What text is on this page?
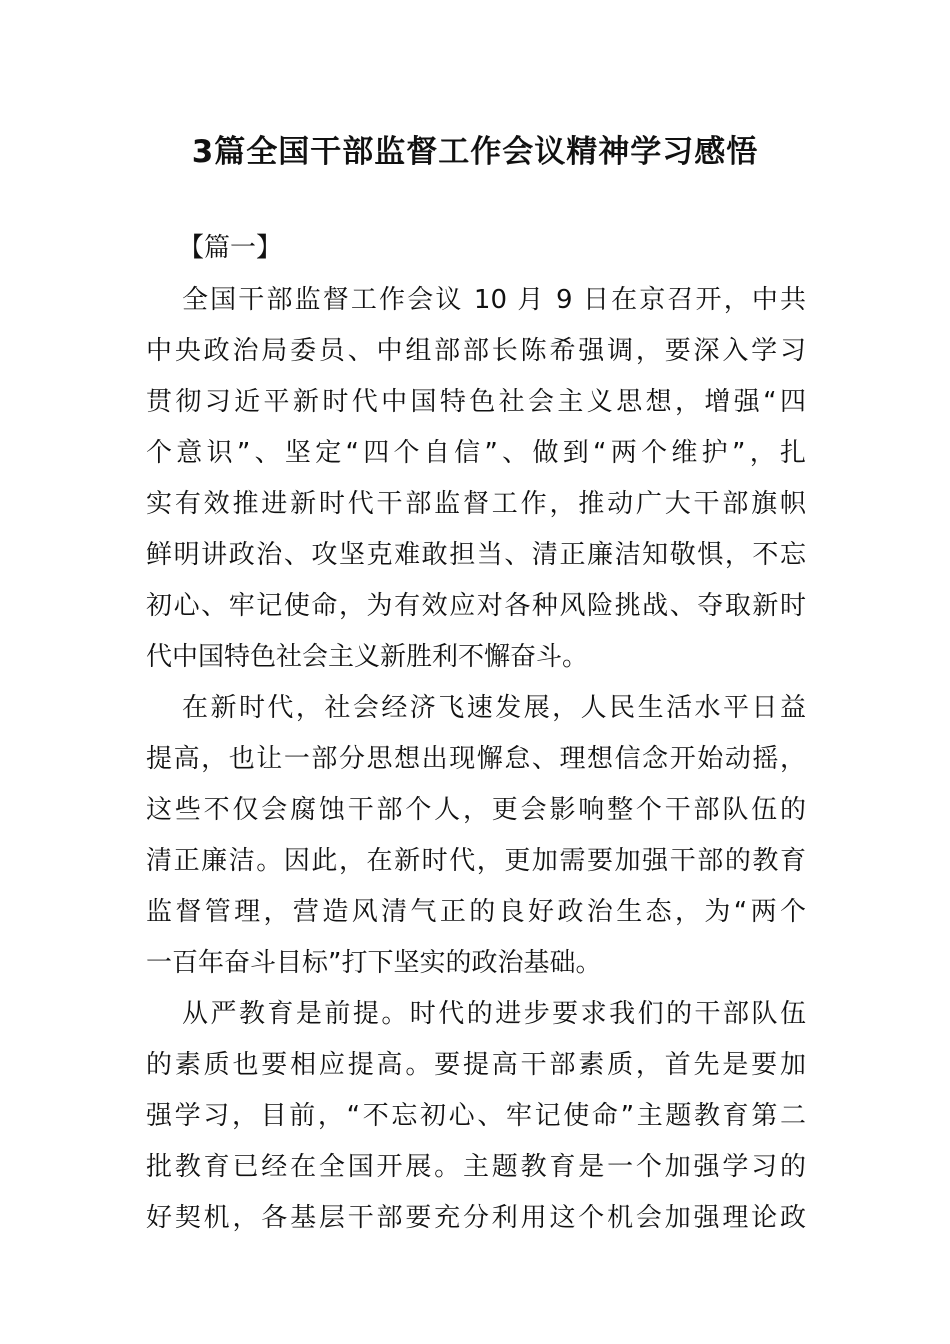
3篇全国干部监督工作会议精神学习感悟
【篇一】
全国干部监督工作会议 10 月 9 日在京召开，中共
中央政治局委员、中组部部长陈希强调，要深入学习
贯彻习近平新时代中国特色社会主义思想，增强“四
个意识”、坚定“四个自信”、做到“两个维护”，扎
实有效推进新时代干部监督工作，推动广大干部旗帜
鲜明讲政治、攻坚克难敢担当、清正廉洁知敬惧，不忘
初心、牢记使命，为有效应对各种风险挑战、夺取新时
代中国特色社会主义新胜利不懈奋斗。
在新时代，社会经济飞速发展，人民生活水平日益
提高，也让一部分思想出现懈怠、理想信念开始动摇，
这些不仅会腐蚀干部个人，更会影响整个干部队伍的
清正廉洁。因此，在新时代，更加需要加强干部的教育
监督管理，营造风清气正的良好政治生态，为“两个
一百年奋斗目标”打下坚实的政治基础。
从严教育是前提。时代的进步要求我们的干部队伍
的素质也要相应提高。要提高干部素质，首先是要加
强学习，目前，“不忘初心、牢记使命”主题教育第二
批教育已经在全国开展。主题教育是一个加强学习的
好契机，各基层干部要充分利用这个机会加强理论政
